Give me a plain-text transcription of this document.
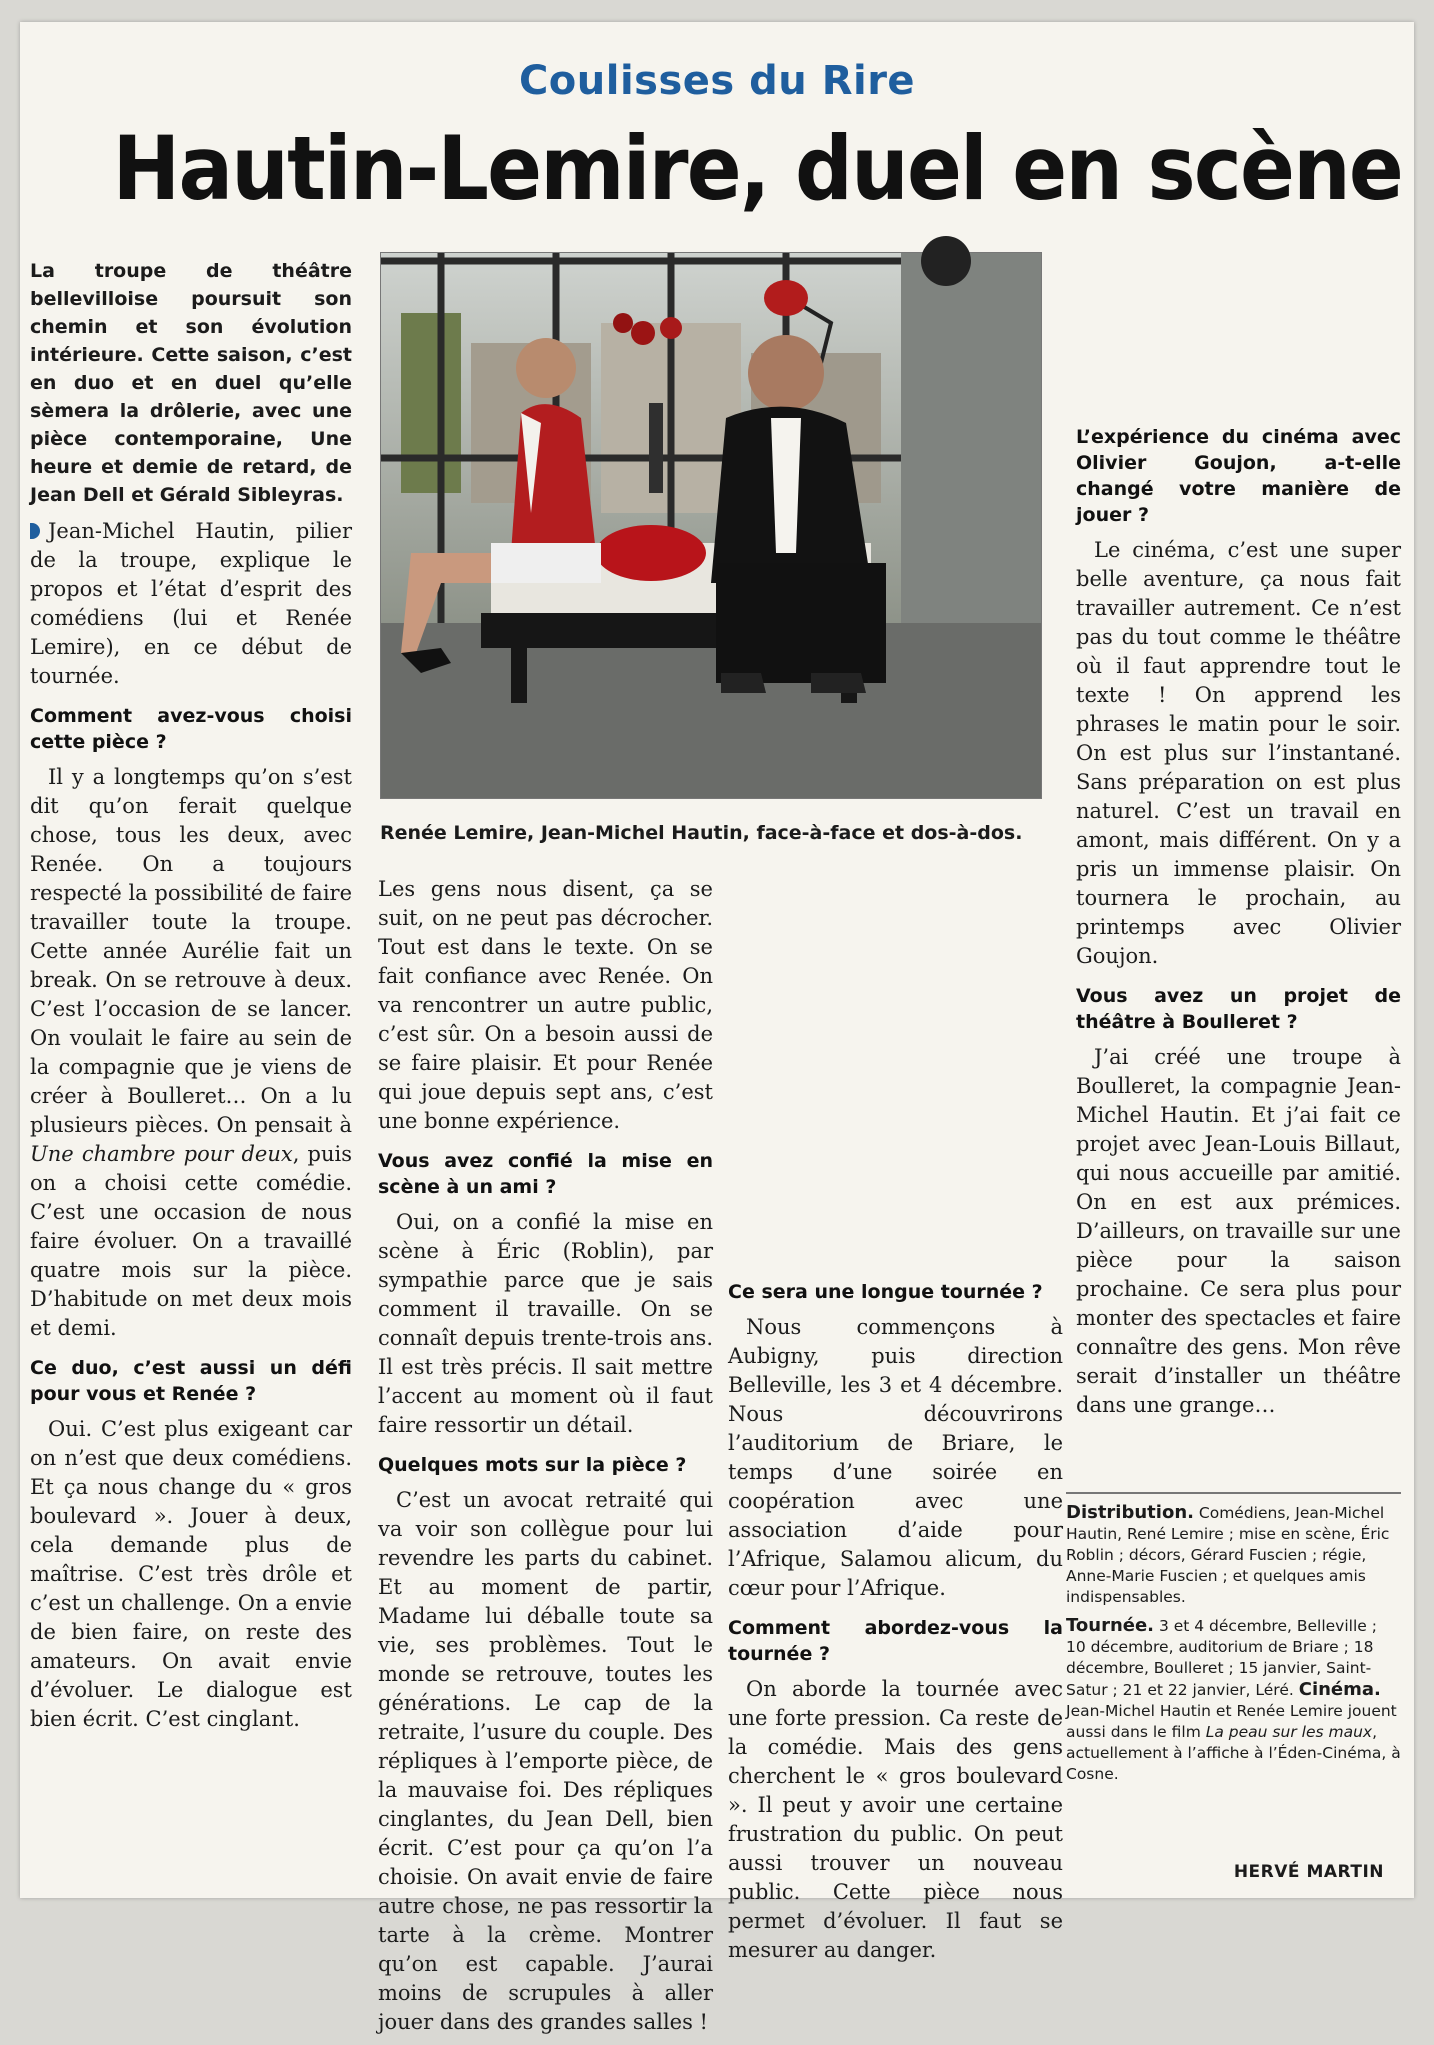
Coulisses du Rire
Hautin-Lemire, duel en scène

La troupe de théâtre bellevilloise poursuit son chemin et son évolution intérieure. Cette saison, c’est en duo et en duel qu’elle sèmera la drôlerie, avec une pièce contemporaine, Une heure et demie de retard, de Jean Dell et Gérald Sibleyras.

Jean-Michel Hautin, pilier de la troupe, explique le propos et l’état d’esprit des comédiens (lui et Renée Lemire), en ce début de tournée.

Comment avez-vous choisi cette pièce ?

Il y a longtemps qu’on s’est dit qu’on ferait quelque chose, tous les deux, avec Renée. On a toujours respecté la possibilité de faire travailler toute la troupe. Cette année Aurélie fait un break. On se retrouve à deux. C’est l’occasion de se lancer. On voulait le faire au sein de la compagnie que je viens de créer à Boulleret… On a lu plusieurs pièces. On pensait à Une chambre pour deux, puis on a choisi cette comédie. C’est une occasion de nous faire évoluer. On a travaillé quatre mois sur la pièce. D’habitude on met deux mois et demi.

Ce duo, c’est aussi un défi pour vous et Renée ?

Oui. C’est plus exigeant car on n’est que deux comédiens. Et ça nous change du « gros boulevard ». Jouer à deux, cela demande plus de maîtrise. C’est très drôle et c’est un challenge. On a envie de bien faire, on reste des amateurs. On avait envie d’évoluer. Le dialogue est bien écrit. C’est cinglant.

Renée Lemire, Jean-Michel Hautin, face-à-face et dos-à-dos.

Les gens nous disent, ça se suit, on ne peut pas décrocher. Tout est dans le texte. On se fait confiance avec Renée. On va rencontrer un autre public, c’est sûr. On a besoin aussi de se faire plaisir. Et pour Renée qui joue depuis sept ans, c’est une bonne expérience.

Vous avez confié la mise en scène à un ami ?

Oui, on a confié la mise en scène à Éric (Roblin), par sympathie parce que je sais comment il travaille. On se connaît depuis trente-trois ans. Il est très précis. Il sait mettre l’accent au moment où il faut faire ressortir un détail.

Quelques mots sur la pièce ?

C’est un avocat retraité qui va voir son collègue pour lui revendre les parts du cabinet. Et au moment de partir, Madame lui déballe toute sa vie, ses problèmes. Tout le monde se retrouve, toutes les générations. Le cap de la retraite, l’usure du couple. Des répliques à l’emporte pièce, de la mauvaise foi. Des répliques cinglantes, du Jean Dell, bien écrit. C’est pour ça qu’on l’a choisie. On avait envie de faire autre chose, ne pas ressortir la tarte à la crème. Montrer qu’on est capable. J’aurai moins de scrupules à aller jouer dans des grandes salles !

Ce sera une longue tournée ?

Nous commençons à Aubigny, puis direction Belleville, les 3 et 4 décembre. Nous découvrirons l’auditorium de Briare, le temps d’une soirée en coopération avec une association d’aide pour l’Afrique, Salamou alicum, du cœur pour l’Afrique.

Comment abordez-vous la tournée ?

On aborde la tournée avec une forte pression. Ca reste de la comédie. Mais des gens cherchent le « gros boulevard ». Il peut y avoir une certaine frustration du public. On peut aussi trouver un nouveau public. Cette pièce nous permet d’évoluer. Il faut se mesurer au danger.

L’expérience du cinéma avec Olivier Goujon, a-t-elle changé votre manière de jouer ?

Le cinéma, c’est une super belle aventure, ça nous fait travailler autrement. Ce n’est pas du tout comme le théâtre où il faut apprendre tout le texte ! On apprend les phrases le matin pour le soir. On est plus sur l’instantané. Sans préparation on est plus naturel. C’est un travail en amont, mais différent. On y a pris un immense plaisir. On tournera le prochain, au printemps avec Olivier Goujon.

Vous avez un projet de théâtre à Boulleret ?

J’ai créé une troupe à Boulleret, la compagnie Jean-Michel Hautin. Et j’ai fait ce projet avec Jean-Louis Billaut, qui nous accueille par amitié. On en est aux prémices. D’ailleurs, on travaille sur une pièce pour la saison prochaine. Ce sera plus pour monter des spectacles et faire connaître des gens. Mon rêve serait d’installer un théâtre dans une grange…

Distribution. Comédiens, Jean-Michel Hautin, René Lemire ; mise en scène, Éric Roblin ; décors, Gérard Fuscien ; régie, Anne-Marie Fuscien ; et quelques amis indispensables.

Tournée. 3 et 4 décembre, Belleville ; 10 décembre, auditorium de Briare ; 18 décembre, Boulleret ; 15 janvier, Saint-Satur ; 21 et 22 janvier, Léré. Cinéma. Jean-Michel Hautin et Renée Lemire jouent aussi dans le film La peau sur les maux, actuellement à l’affiche à l’Éden-Cinéma, à Cosne.

HERVÉ MARTIN
